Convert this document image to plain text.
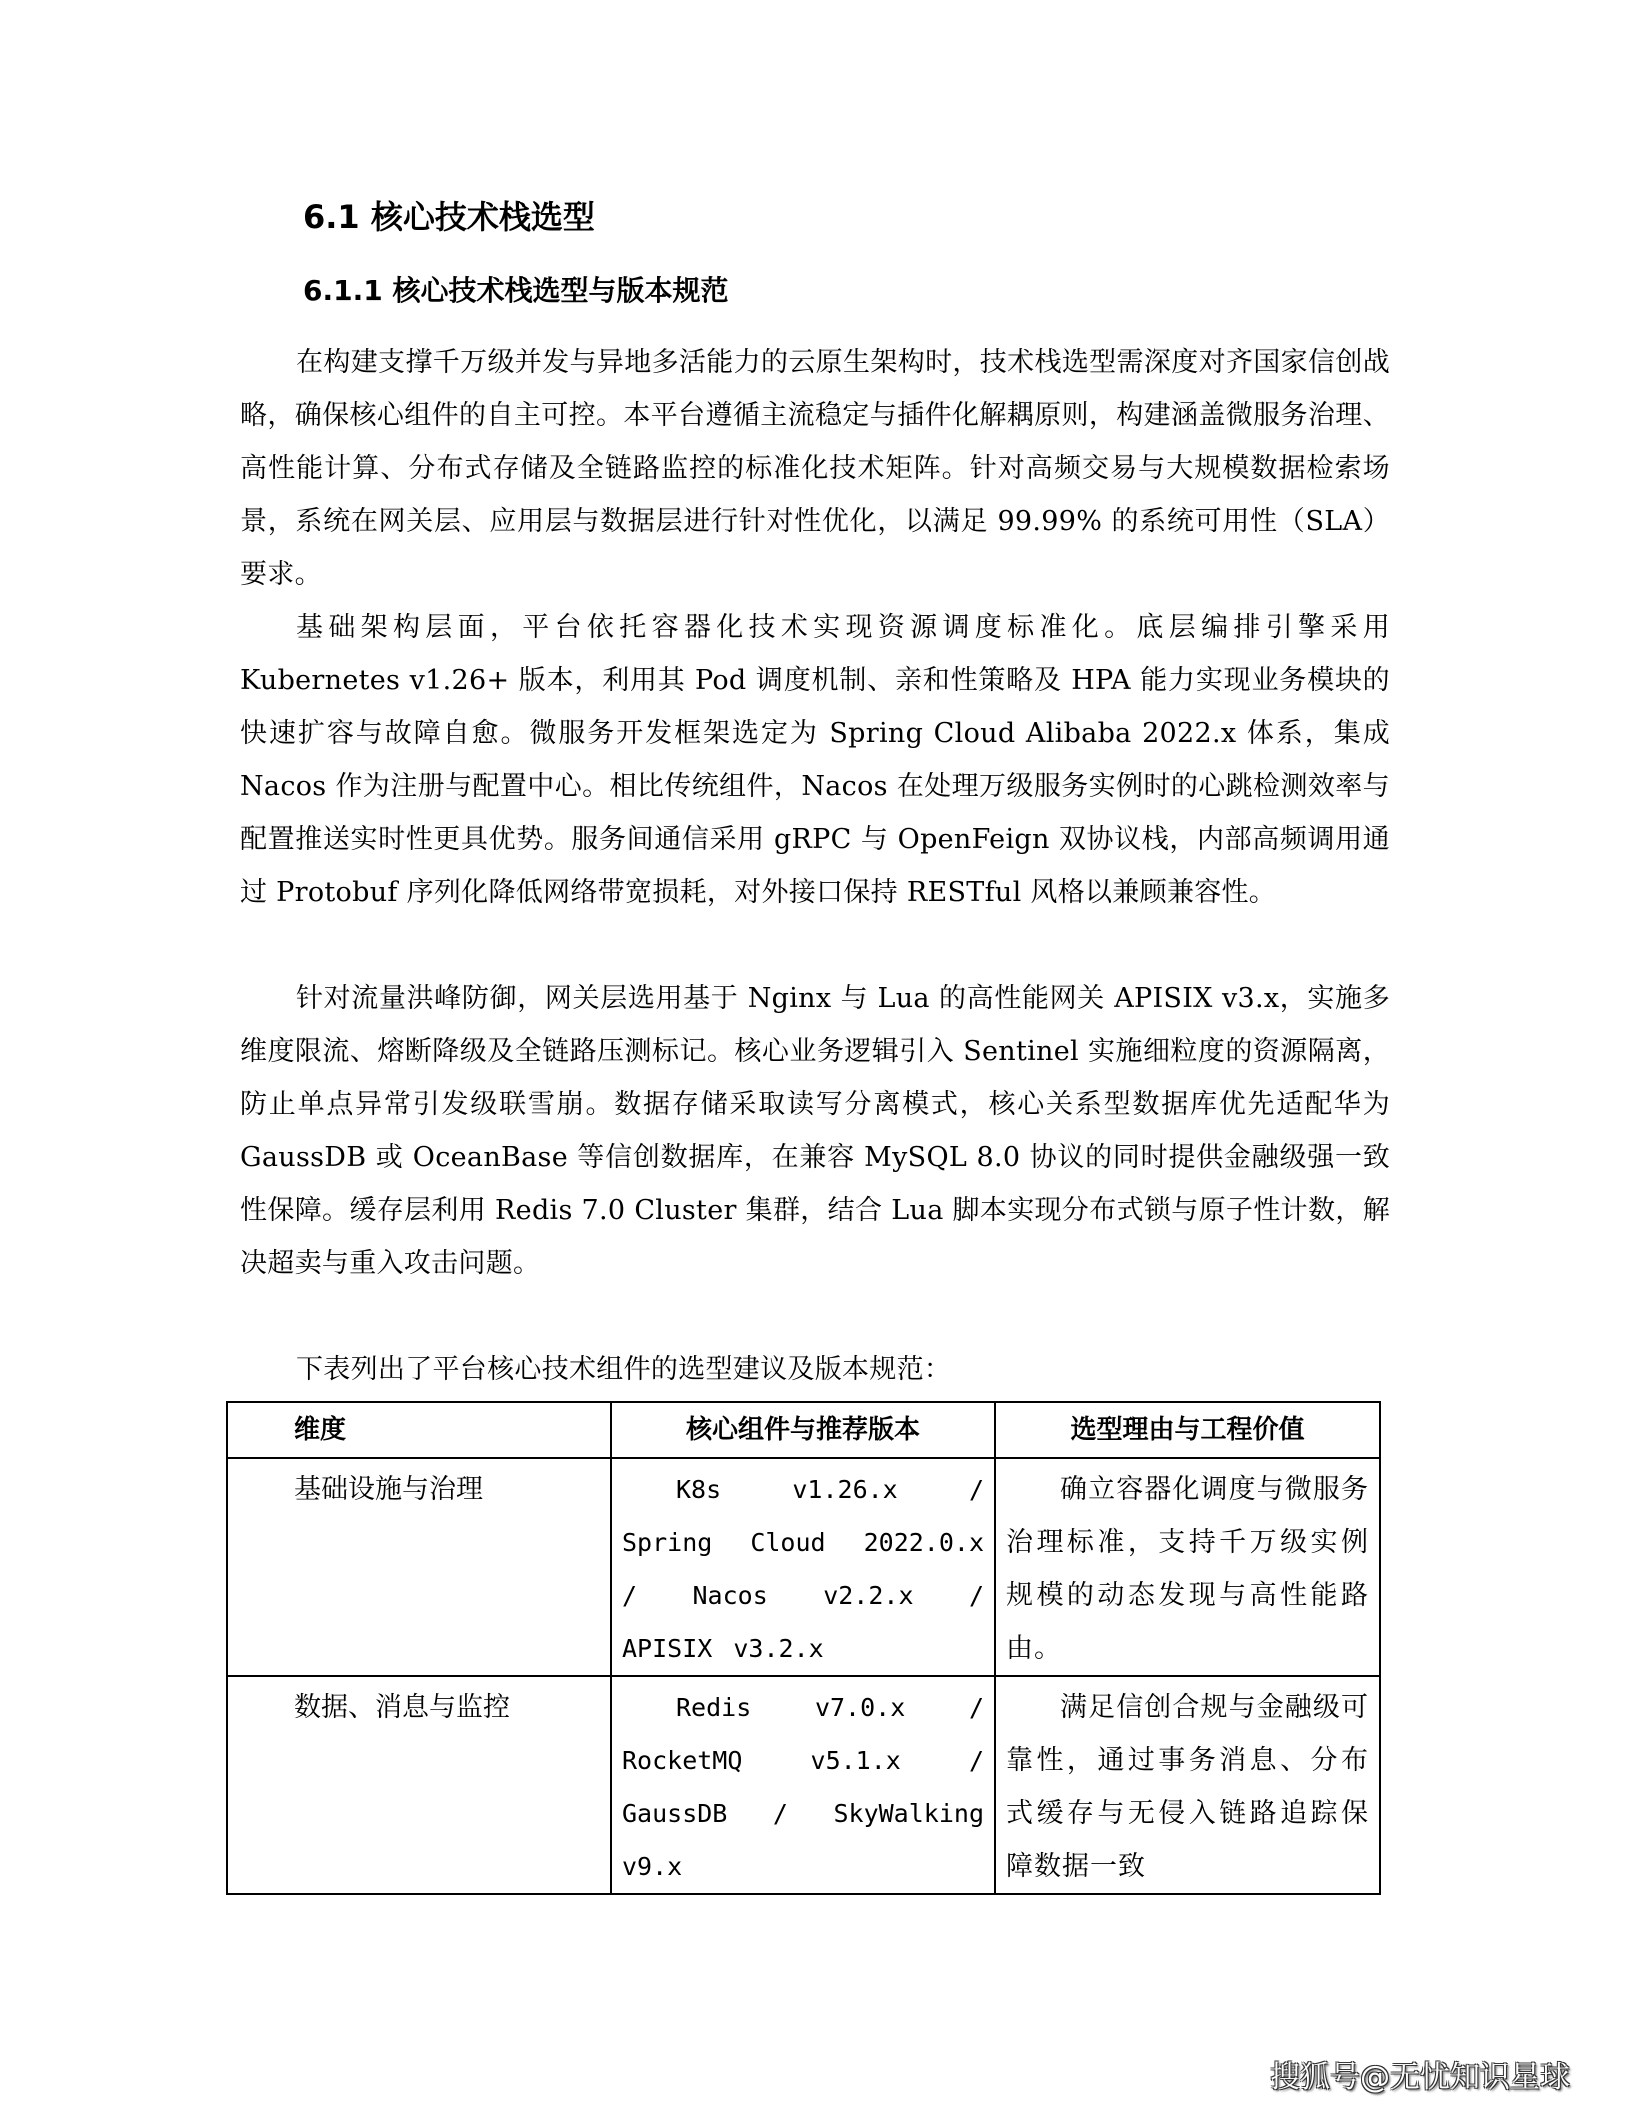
6.1 核心技术栈选型
6.1.1 核心技术栈选型与版本规范

在构建支撑千万级并发与异地多活能力的云原生架构时，技术栈选型需深度对齐国家信创战略，确保核心组件的自主可控。本平台遵循主流稳定与插件化解耦原则，构建涵盖微服务治理、高性能计算、分布式存储及全链路监控的标准化技术矩阵。针对高频交易与大规模数据检索场景，系统在网关层、应用层与数据层进行针对性优化，以满足 99.99% 的系统可用性（SLA）要求。

基础架构层面，平台依托容器化技术实现资源调度标准化。底层编排引擎采用 Kubernetes v1.26+ 版本，利用其 Pod 调度机制、亲和性策略及 HPA 能力实现业务模块的快速扩容与故障自愈。微服务开发框架选定为 Spring Cloud Alibaba 2022.x 体系，集成 Nacos 作为注册与配置中心。相比传统组件，Nacos 在处理万级服务实例时的心跳检测效率与配置推送实时性更具优势。服务间通信采用 gRPC 与 OpenFeign 双协议栈，内部高频调用通过 Protobuf 序列化降低网络带宽损耗，对外接口保持 RESTful 风格以兼顾兼容性。

针对流量洪峰防御，网关层选用基于 Nginx 与 Lua 的高性能网关 APISIX v3.x，实施多维度限流、熔断降级及全链路压测标记。核心业务逻辑引入 Sentinel 实施细粒度的资源隔离，防止单点异常引发级联雪崩。数据存储采取读写分离模式，核心关系型数据库优先适配华为 GaussDB 或 OceanBase 等信创数据库，在兼容 MySQL 8.0 协议的同时提供金融级强一致性保障。缓存层利用 Redis 7.0 Cluster 集群，结合 Lua 脚本实现分布式锁与原子性计数，解决超卖与重入攻击问题。

下表列出了平台核心技术组件的选型建议及版本规范：

维度	核心组件与推荐版本	选型理由与工程价值
基础设施与治理	K8s v1.26.x / Spring Cloud 2022.0.x / Nacos v2.2.x / APISIX v3.2.x	确立容器化调度与微服务治理标准，支持千万级实例规模的动态发现与高性能路由。
数据、消息与监控	Redis v7.0.x / RocketMQ v5.1.x / GaussDB / SkyWalking v9.x	满足信创合规与金融级可靠性，通过事务消息、分布式缓存与无侵入链路追踪保障数据一致
搜狐号@无忧知识星球
